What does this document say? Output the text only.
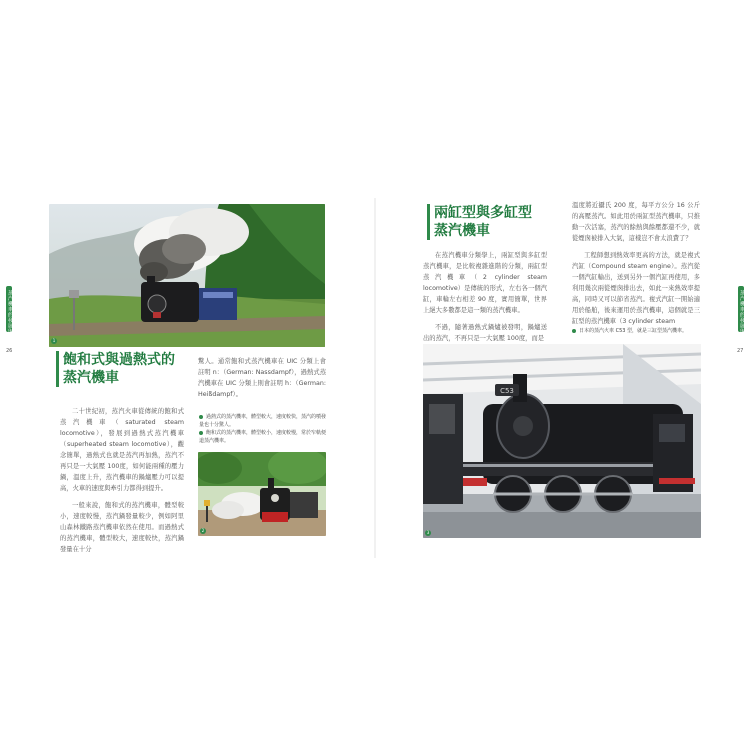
1
蒸汽機車的發展與演進
26
飽和式與過熱式的
蒸汽機車

二十世紀初，蒸汽火車從傳統的飽和式蒸汽機車（saturated steam locomotive），發展到過熱式蒸汽機車（superheated steam locomotive），觀念簡單，過熱式也就是蒸汽再加熱，蒸汽不再只是一大氣壓 100度，如何能兩種的壓力鍋，溫度上升，蒸汽機車的鍋爐壓力可以提高，火車的速度與牽引力都得到提升。

一般來說，飽和式的蒸汽機車，體型較小，速度較慢，蒸汽鍋發量較少，例如阿里山森林鐵路蒸汽機車依然在使用。而過熱式的蒸汽機車，體型較大，速度較快，蒸汽鍋發量在十分

驚人。通常飽和式蒸汽機車在 UIC 分類上會註明 n：（German: Nassdampf），過熱式蒸汽機車在 UIC 分類上則會註明 h：（German: Heißdampf）。

過熱式的蒸汽機車，體型較大，速度較快，蒸汽的噴發量也十分驚人。
飽和式的蒸汽機車，體型較小，速度較慢，常於窄軌便道蒸汽機車。
2
兩缸型與多缸型
蒸汽機車

在蒸汽機車分類學上，兩缸型與多缸型蒸汽機車，是比較複雜進階的分類，兩缸型蒸汽機車（2 cylinder steam locomotive）是傳統的形式，左右各一個汽缸，車輪左右相差 90 度，實用簡單，世界上絕大多數都是這一類的蒸汽機車。

不過，隨著過熱式鍋爐被發明，鍋爐送出的蒸汽，不再只是一大氣壓 100度，而是

溫度將近攝氏 200 度，每平方公分 16 公斤的高壓蒸汽。如此用於兩缸型蒸汽機車，只推動一次活塞，蒸汽的餘熱與餘壓都還不少，就從煙囪被排入大氣，這樣豈不會太浪費了？

工程師想到熱效率更高的方法，就是複式汽缸（Compound steam engine）。蒸汽從一個汽缸輸出，送到另外一個汽缸再使用，多利用幾次兩從煙囪排出去，如此一來熱效率提高，同時又可以節省蒸汽。複式汽缸一開始適用於船舶，後來運用於蒸汽機車，這個就是三缸型的蒸汽機車（3 cylinder steam

日本的蒸汽火車 C53 型，就是三缸型蒸汽機車。
C53
3
蒸汽機車的發展與演進
27
